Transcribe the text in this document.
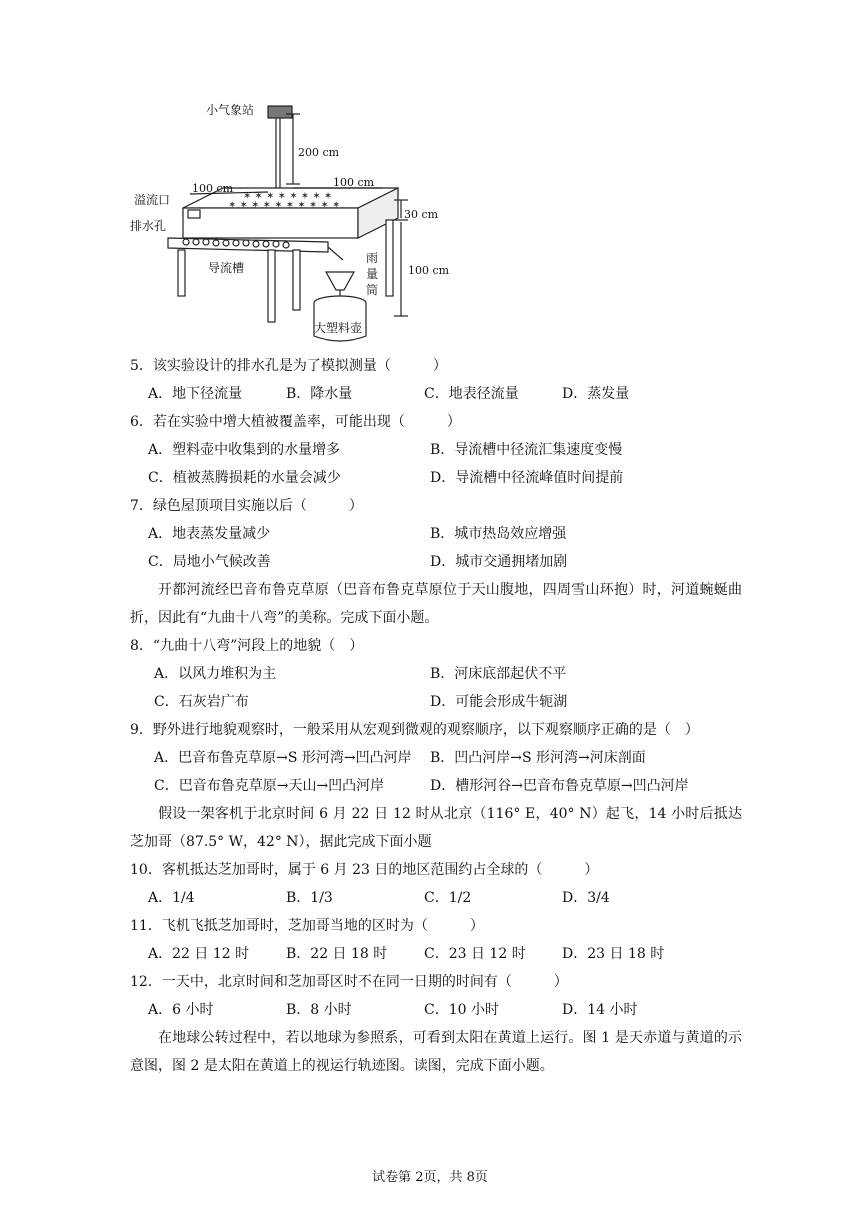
✶ ✶ ✶ ✶ ✶ ✶ ✶ ✶ ✶ ✶
✶ ✶ ✶ ✶ ✶ ✶ ✶ ✶
小气象站
200 cm
100 cm	100 cm
溢流口
排水孔
30 cm
导流槽	100 cm
大塑料壶
雨
量
筒
5．该实验设计的排水孔是为了模拟测量（　　　）
A．地下径流量	B．降水量	C．地表径流量	D．蒸发量
6．若在实验中增大植被覆盖率，可能出现（　　　）
A．塑料壶中收集到的水量增多	B．导流槽中径流汇集速度变慢
C．植被蒸腾损耗的水量会减少	D．导流槽中径流峰值时间提前
7．绿色屋顶项目实施以后（　　　）
A．地表蒸发量减少	B．城市热岛效应增强
C．局地小气候改善	D．城市交通拥堵加剧
开都河流经巴音布鲁克草原（巴音布鲁克草原位于天山腹地，四周雪山环抱）时，河道蜿蜒曲折，因此有“九曲十八弯”的美称。完成下面小题。
8．“九曲十八弯”河段上的地貌（　）
A．以风力堆积为主	B．河床底部起伏不平
C．石灰岩广布	D．可能会形成牛轭湖
9．野外进行地貌观察时，一般采用从宏观到微观的观察顺序，以下观察顺序正确的是（　）
A．巴音布鲁克草原→S 形河湾→凹凸河岸	B．凹凸河岸→S 形河湾→河床剖面
C．巴音布鲁克草原→天山→凹凸河岸	D．槽形河谷→巴音布鲁克草原→凹凸河岸
假设一架客机于北京时间 6 月 22 日 12 时从北京（116° E，40° N）起飞，14 小时后抵达芝加哥（87.5° W，42° N），据此完成下面小题
10．客机抵达芝加哥时，属于 6 月 23 日的地区范围约占全球的（　　　）
A．1/4	B．1/3	C．1/2	D．3/4
11．飞机飞抵芝加哥时，芝加哥当地的区时为（　　　）
A．22 日 12 时	B．22 日 18 时	C．23 日 12 时	D．23 日 18 时
12．一天中，北京时间和芝加哥区时不在同一日期的时间有（　　　）
A．6 小时	B．8 小时	C．10 小时	D．14 小时
在地球公转过程中，若以地球为参照系，可看到太阳在黄道上运行。图 1 是天赤道与黄道的示意图，图 2 是太阳在黄道上的视运行轨迹图。读图，完成下面小题。
试卷第 2页，共 8页
